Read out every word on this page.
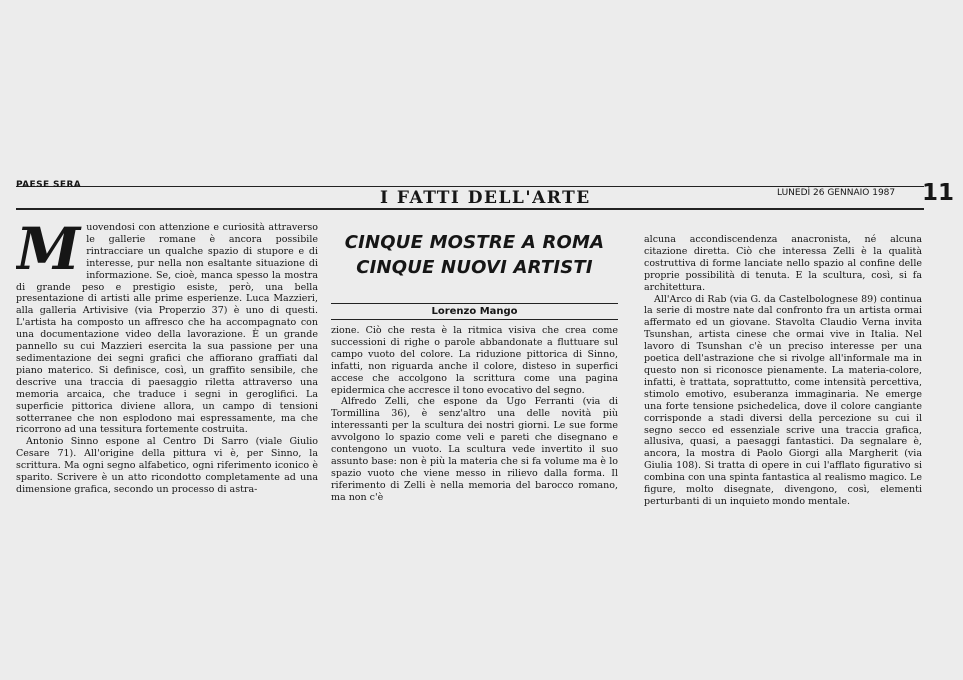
PAESE SERA
I FATTI DELL'ARTE	LUNEDÌ 26 GENNAIO 1987 11

Muovendosi con attenzione e curiosità attraverso le gallerie romane è ancora possibile rintracciare un qualche spazio di stupore e di interesse, pur nella non esaltante situazione di informazione. Se, cioè, manca spesso la mostra di grande peso e prestigio esiste, però, una bella presentazione di artisti alle prime esperienze. Luca Mazzieri, alla galleria Artivisive (via Properzio 37) è uno di questi. L'artista ha composto un affresco che ha accompagnato con una documentazione video della lavorazione. È un grande pannello su cui Mazzieri esercita la sua passione per una sedimentazione dei segni grafici che affiorano graffiati dal piano materico. Si definisce, così, un graffito sensibile, che descrive una traccia di paesaggio riletta attraverso una memoria arcaica, che traduce i segni in geroglifici. La superficie pittorica diviene allora, un campo di tensioni sotterranee che non esplodono mai espressamente, ma che ricorrono ad una tessitura fortemente costruita.

Antonio Sinno espone al Centro Di Sarro (viale Giulio Cesare 71). All'origine della pittura vi è, per Sinno, la scrittura. Ma ogni segno alfabetico, ogni riferimento iconico è sparito. Scrivere è un atto ricondotto completamente ad una dimensione grafica, secondo un processo di astra-

CINQUE MOSTRE A ROMA
CINQUE NUOVI ARTISTI
Lorenzo Mango

zione. Ciò che resta è la ritmica visiva che crea come successioni di righe o parole abbandonate a fluttuare sul campo vuoto del colore. La riduzione pittorica di Sinno, infatti, non riguarda anche il colore, disteso in superfici accese che accolgono la scrittura come una pagina epidermica che accresce il tono evocativo del segno.

Alfredo Zelli, che espone da Ugo Ferranti (via di Tormillina 36), è senz'altro una delle novità più interessanti per la scultura dei nostri giorni. Le sue forme avvolgono lo spazio come veli e pareti che disegnano e contengono un vuoto. La scultura vede invertito il suo assunto base: non è più la materia che si fa volume ma è lo spazio vuoto che viene messo in rilievo dalla forma. Il riferimento di Zelli è nella memoria del barocco romano, ma non c'è

alcuna accondiscendenza anacronista, né alcuna citazione diretta. Ciò che interessa Zelli è la qualità costruttiva di forme lanciate nello spazio al confine delle proprie possibilità di tenuta. E la scultura, così, si fa architettura.

All'Arco di Rab (via G. da Castelbolognese 89) continua la serie di mostre nate dal confronto fra un artista ormai affermato ed un giovane. Stavolta Claudio Verna invita Tsunshan, artista cinese che ormai vive in Italia. Nel lavoro di Tsunshan c'è un preciso interesse per una poetica dell'astrazione che si rivolge all'informale ma in questo non si riconosce pienamente. La materia-colore, infatti, è trattata, soprattutto, come intensità percettiva, stimolo emotivo, esuberanza immaginaria. Ne emerge una forte tensione psichedelica, dove il colore cangiante corrisponde a stadi diversi della percezione su cui il segno secco ed essenziale scrive una traccia grafica, allusiva, quasi, a paesaggi fantastici. Da segnalare è, ancora, la mostra di Paolo Giorgi alla Margherit (via Giulia 108). Si tratta di opere in cui l'afflato figurativo si combina con una spinta fantastica al realismo magico. Le figure, molto disegnate, divengono, così, elementi perturbanti di un inquieto mondo mentale.
